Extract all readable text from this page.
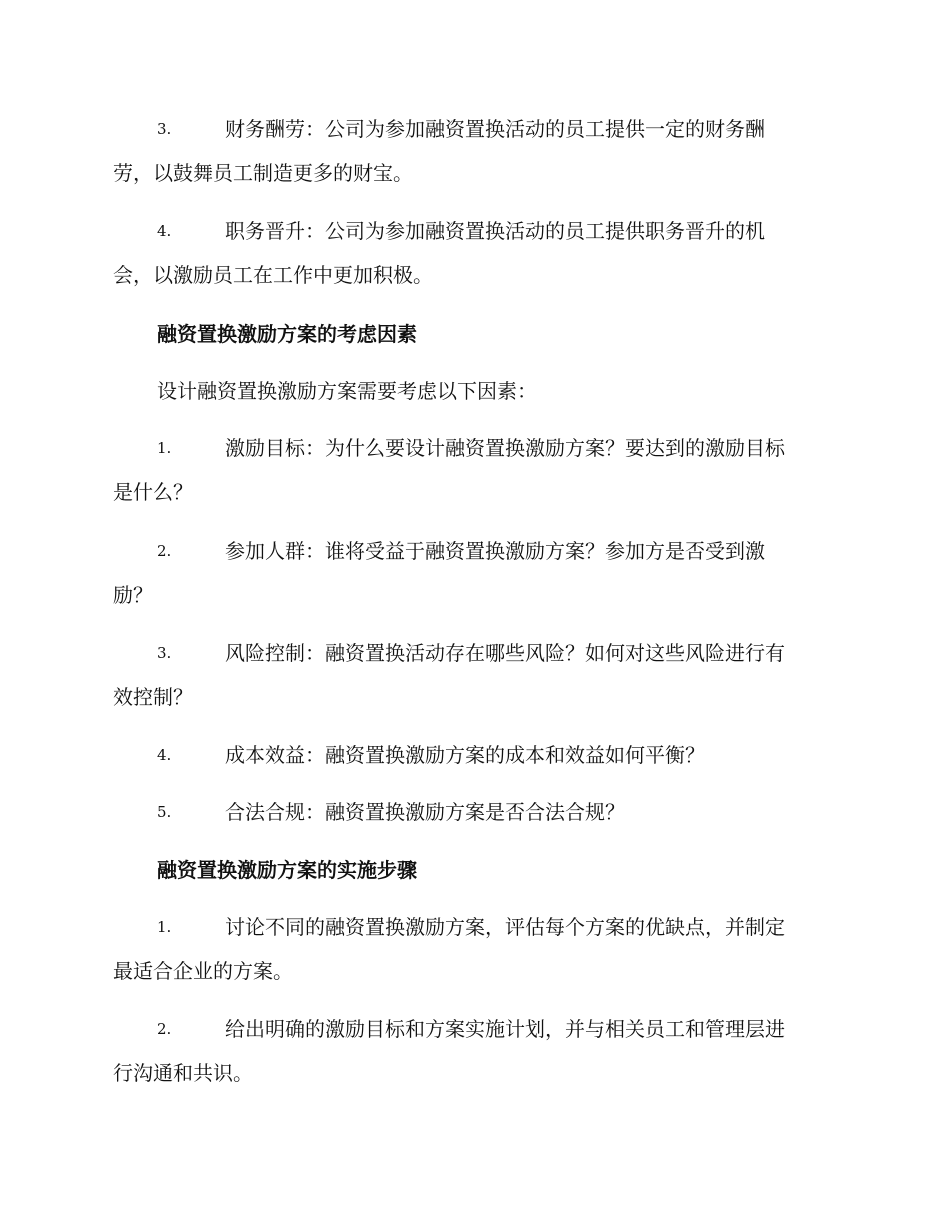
3.	财务酬劳：公司为参加融资置换活动的员工提供一定的财务酬
劳，以鼓舞员工制造更多的财宝。
4.	职务晋升：公司为参加融资置换活动的员工提供职务晋升的机
会，以激励员工在工作中更加积极。
融资置换激励方案的考虑因素
设计融资置换激励方案需要考虑以下因素：
1.	激励目标：为什么要设计融资置换激励方案？要达到的激励目标
是什么？
2.	参加人群：谁将受益于融资置换激励方案？参加方是否受到激
励？
3.	风险控制：融资置换活动存在哪些风险？如何对这些风险进行有
效控制？
4.	成本效益：融资置换激励方案的成本和效益如何平衡？
5.	合法合规：融资置换激励方案是否合法合规？
融资置换激励方案的实施步骤
1.	讨论不同的融资置换激励方案，评估每个方案的优缺点，并制定
最适合企业的方案。
2.	给出明确的激励目标和方案实施计划，并与相关员工和管理层进
行沟通和共识。
